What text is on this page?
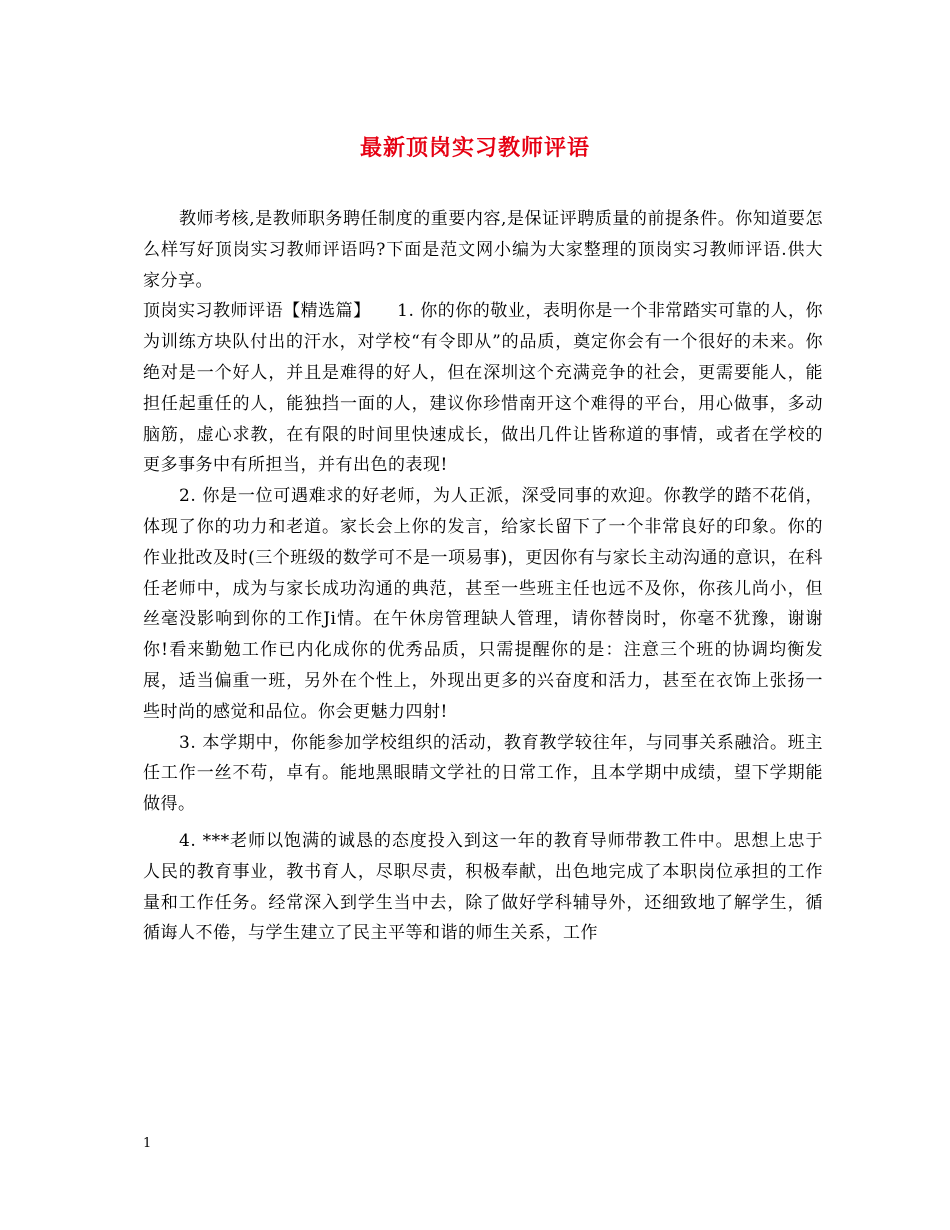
最新顶岗实习教师评语

教师考核,是教师职务聘任制度的重要内容,是保证评聘质量的前提条件。你知道要怎么样写好顶岗实习教师评语吗?下面是范文网小编为大家整理的顶岗实习教师评语.供大家分享。

顶岗实习教师评语【精选篇】　　1. 你的你的敬业，表明你是一个非常踏实可靠的人，你为训练方块队付出的汗水，对学校“有令即从”的品质，奠定你会有一个很好的未来。你绝对是一个好人，并且是难得的好人，但在深圳这个充满竞争的社会，更需要能人，能担任起重任的人，能独挡一面的人，建议你珍惜南开这个难得的平台，用心做事，多动脑筋，虚心求教，在有限的时间里快速成长，做出几件让皆称道的事情，或者在学校的更多事务中有所担当，并有出色的表现!

2. 你是一位可遇难求的好老师，为人正派，深受同事的欢迎。你教学的踏不花俏，体现了你的功力和老道。家长会上你的发言，给家长留下了一个非常良好的印象。你的作业批改及时(三个班级的数学可不是一项易事)，更因你有与家长主动沟通的意识，在科任老师中，成为与家长成功沟通的典范，甚至一些班主任也远不及你，你孩儿尚小，但丝毫没影响到你的工作Ji情。在午休房管理缺人管理，请你替岗时，你毫不犹豫，谢谢你!看来勤勉工作已内化成你的优秀品质，只需提醒你的是：注意三个班的协调均衡发展，适当偏重一班，另外在个性上，外现出更多的兴奋度和活力，甚至在衣饰上张扬一些时尚的感觉和品位。你会更魅力四射!

3. 本学期中，你能参加学校组织的活动，教育教学较往年，与同事关系融洽。班主任工作一丝不苟，卓有。能地黑眼睛文学社的日常工作，且本学期中成绩，望下学期能做得。

4. ***老师以饱满的诚恳的态度投入到这一年的教育导师带教工件中。思想上忠于人民的教育事业，教书育人，尽职尽责，积极奉献，出色地完成了本职岗位承担的工作量和工作任务。经常深入到学生当中去，除了做好学科辅导外，还细致地了解学生，循循诲人不倦，与学生建立了民主平等和谐的师生关系，工作

1
